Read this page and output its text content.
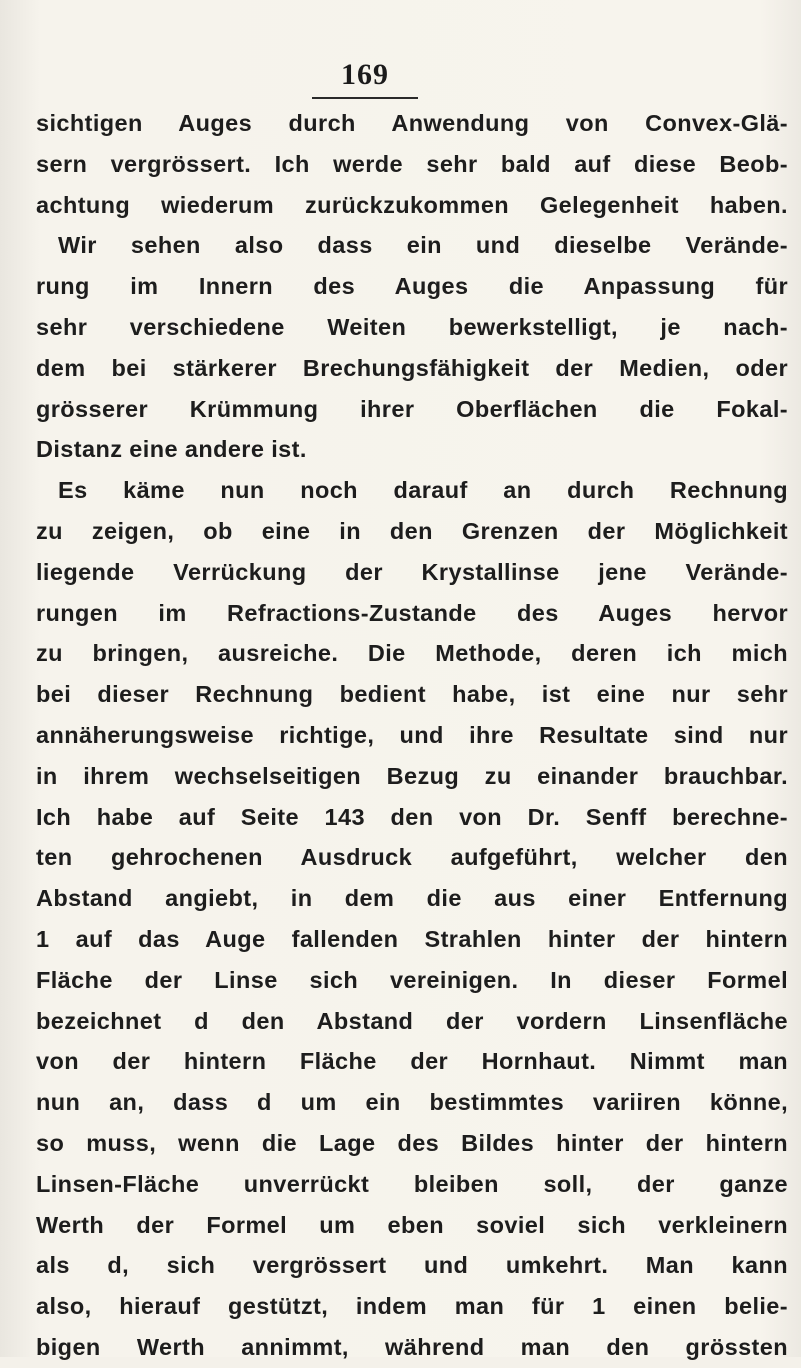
169
sichtigen Auges durch Anwendung von Convex-Glä-
sern vergrössert. Ich werde sehr bald auf diese Beob-
achtung wiederum zurückzukommen Gelegenheit haben.
Wir sehen also dass ein und dieselbe Verände-
rung im Innern des Auges die Anpassung für
sehr verschiedene Weiten bewerkstelligt, je nach-
dem bei stärkerer Brechungsfähigkeit der Medien, oder
grösserer Krümmung ihrer Oberflächen die Fokal-
Distanz eine andere ist.
Es käme nun noch darauf an durch Rechnung
zu zeigen, ob eine in den Grenzen der Möglichkeit
liegende Verrückung der Krystallinse jene Verände-
rungen im Refractions-Zustande des Auges hervor
zu bringen, ausreiche. Die Methode, deren ich mich
bei dieser Rechnung bedient habe, ist eine nur sehr
annäherungsweise richtige, und ihre Resultate sind nur
in ihrem wechselseitigen Bezug zu einander brauchbar.
Ich habe auf Seite 143 den von Dr. Senff berechne-
ten gehrochenen Ausdruck aufgeführt, welcher den
Abstand angiebt, in dem die aus einer Entfernung
1 auf das Auge fallenden Strahlen hinter der hintern
Fläche der Linse sich vereinigen. In dieser Formel
bezeichnet d den Abstand der vordern Linsenfläche
von der hintern Fläche der Hornhaut. Nimmt man
nun an, dass d um ein bestimmtes variiren könne,
so muss, wenn die Lage des Bildes hinter der hintern
Linsen-Fläche unverrückt bleiben soll, der ganze
Werth der Formel um eben soviel sich verkleinern
als d, sich vergrössert und umkehrt. Man kann
also, hierauf gestützt, indem man für 1 einen belie-
bigen Werth annimmt, während man den grössten
